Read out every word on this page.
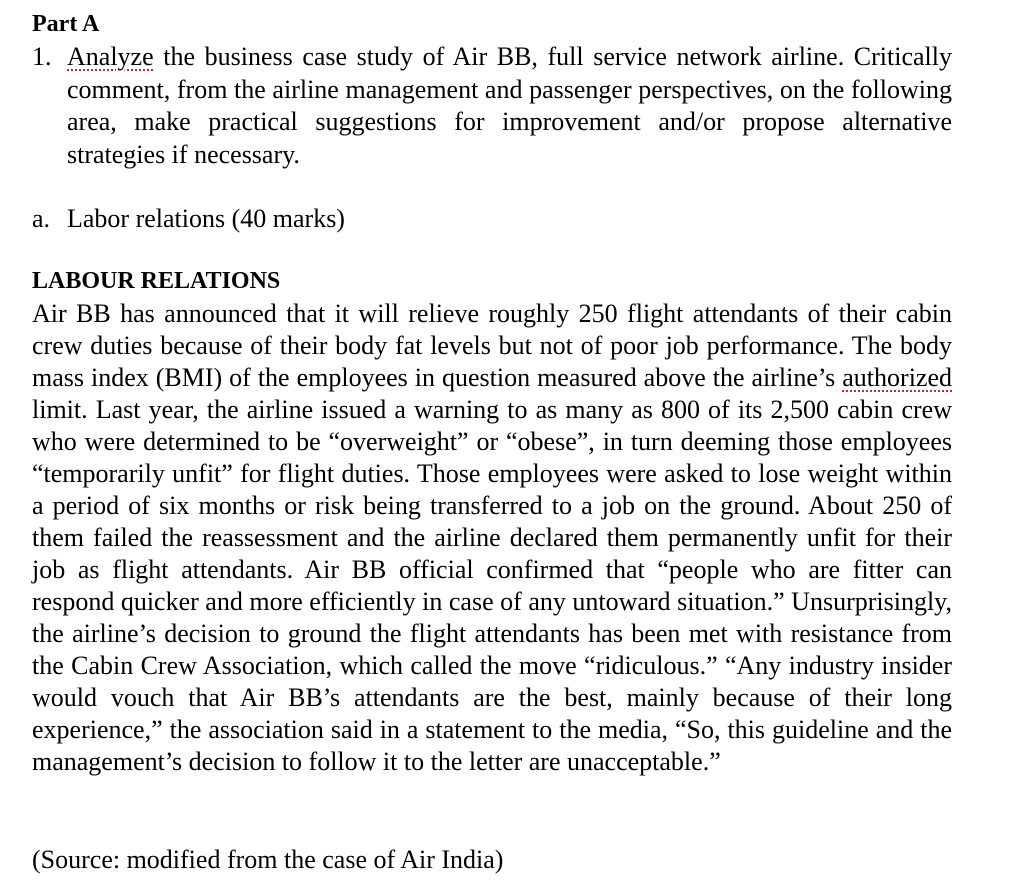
Part A
1. Analyze the business case study of Air BB, full service network airline. Critically comment, from the airline management and passenger perspectives, on the following area, make practical suggestions for improvement and/or propose alternative strategies if necessary.
a. Labor relations (40 marks)
LABOUR RELATIONS
Air BB has announced that it will relieve roughly 250 flight attendants of their cabin crew duties because of their body fat levels but not of poor job performance. The body mass index (BMI) of the employees in question measured above the airline’s authorized limit. Last year, the airline issued a warning to as many as 800 of its 2,500 cabin crew who were determined to be “overweight” or “obese”, in turn deeming those employees “temporarily unfit” for flight duties. Those employees were asked to lose weight within a period of six months or risk being transferred to a job on the ground. About 250 of them failed the reassessment and the airline declared them permanently unfit for their job as flight attendants. Air BB official confirmed that “people who are fitter can respond quicker and more efficiently in case of any untoward situation.” Unsurprisingly, the airline’s decision to ground the flight attendants has been met with resistance from the Cabin Crew Association, which called the move “ridiculous.” “Any industry insider would vouch that Air BB’s attendants are the best, mainly because of their long experience,” the association said in a statement to the media, “So, this guideline and the management’s decision to follow it to the letter are unacceptable.”
(Source: modified from the case of Air India)
